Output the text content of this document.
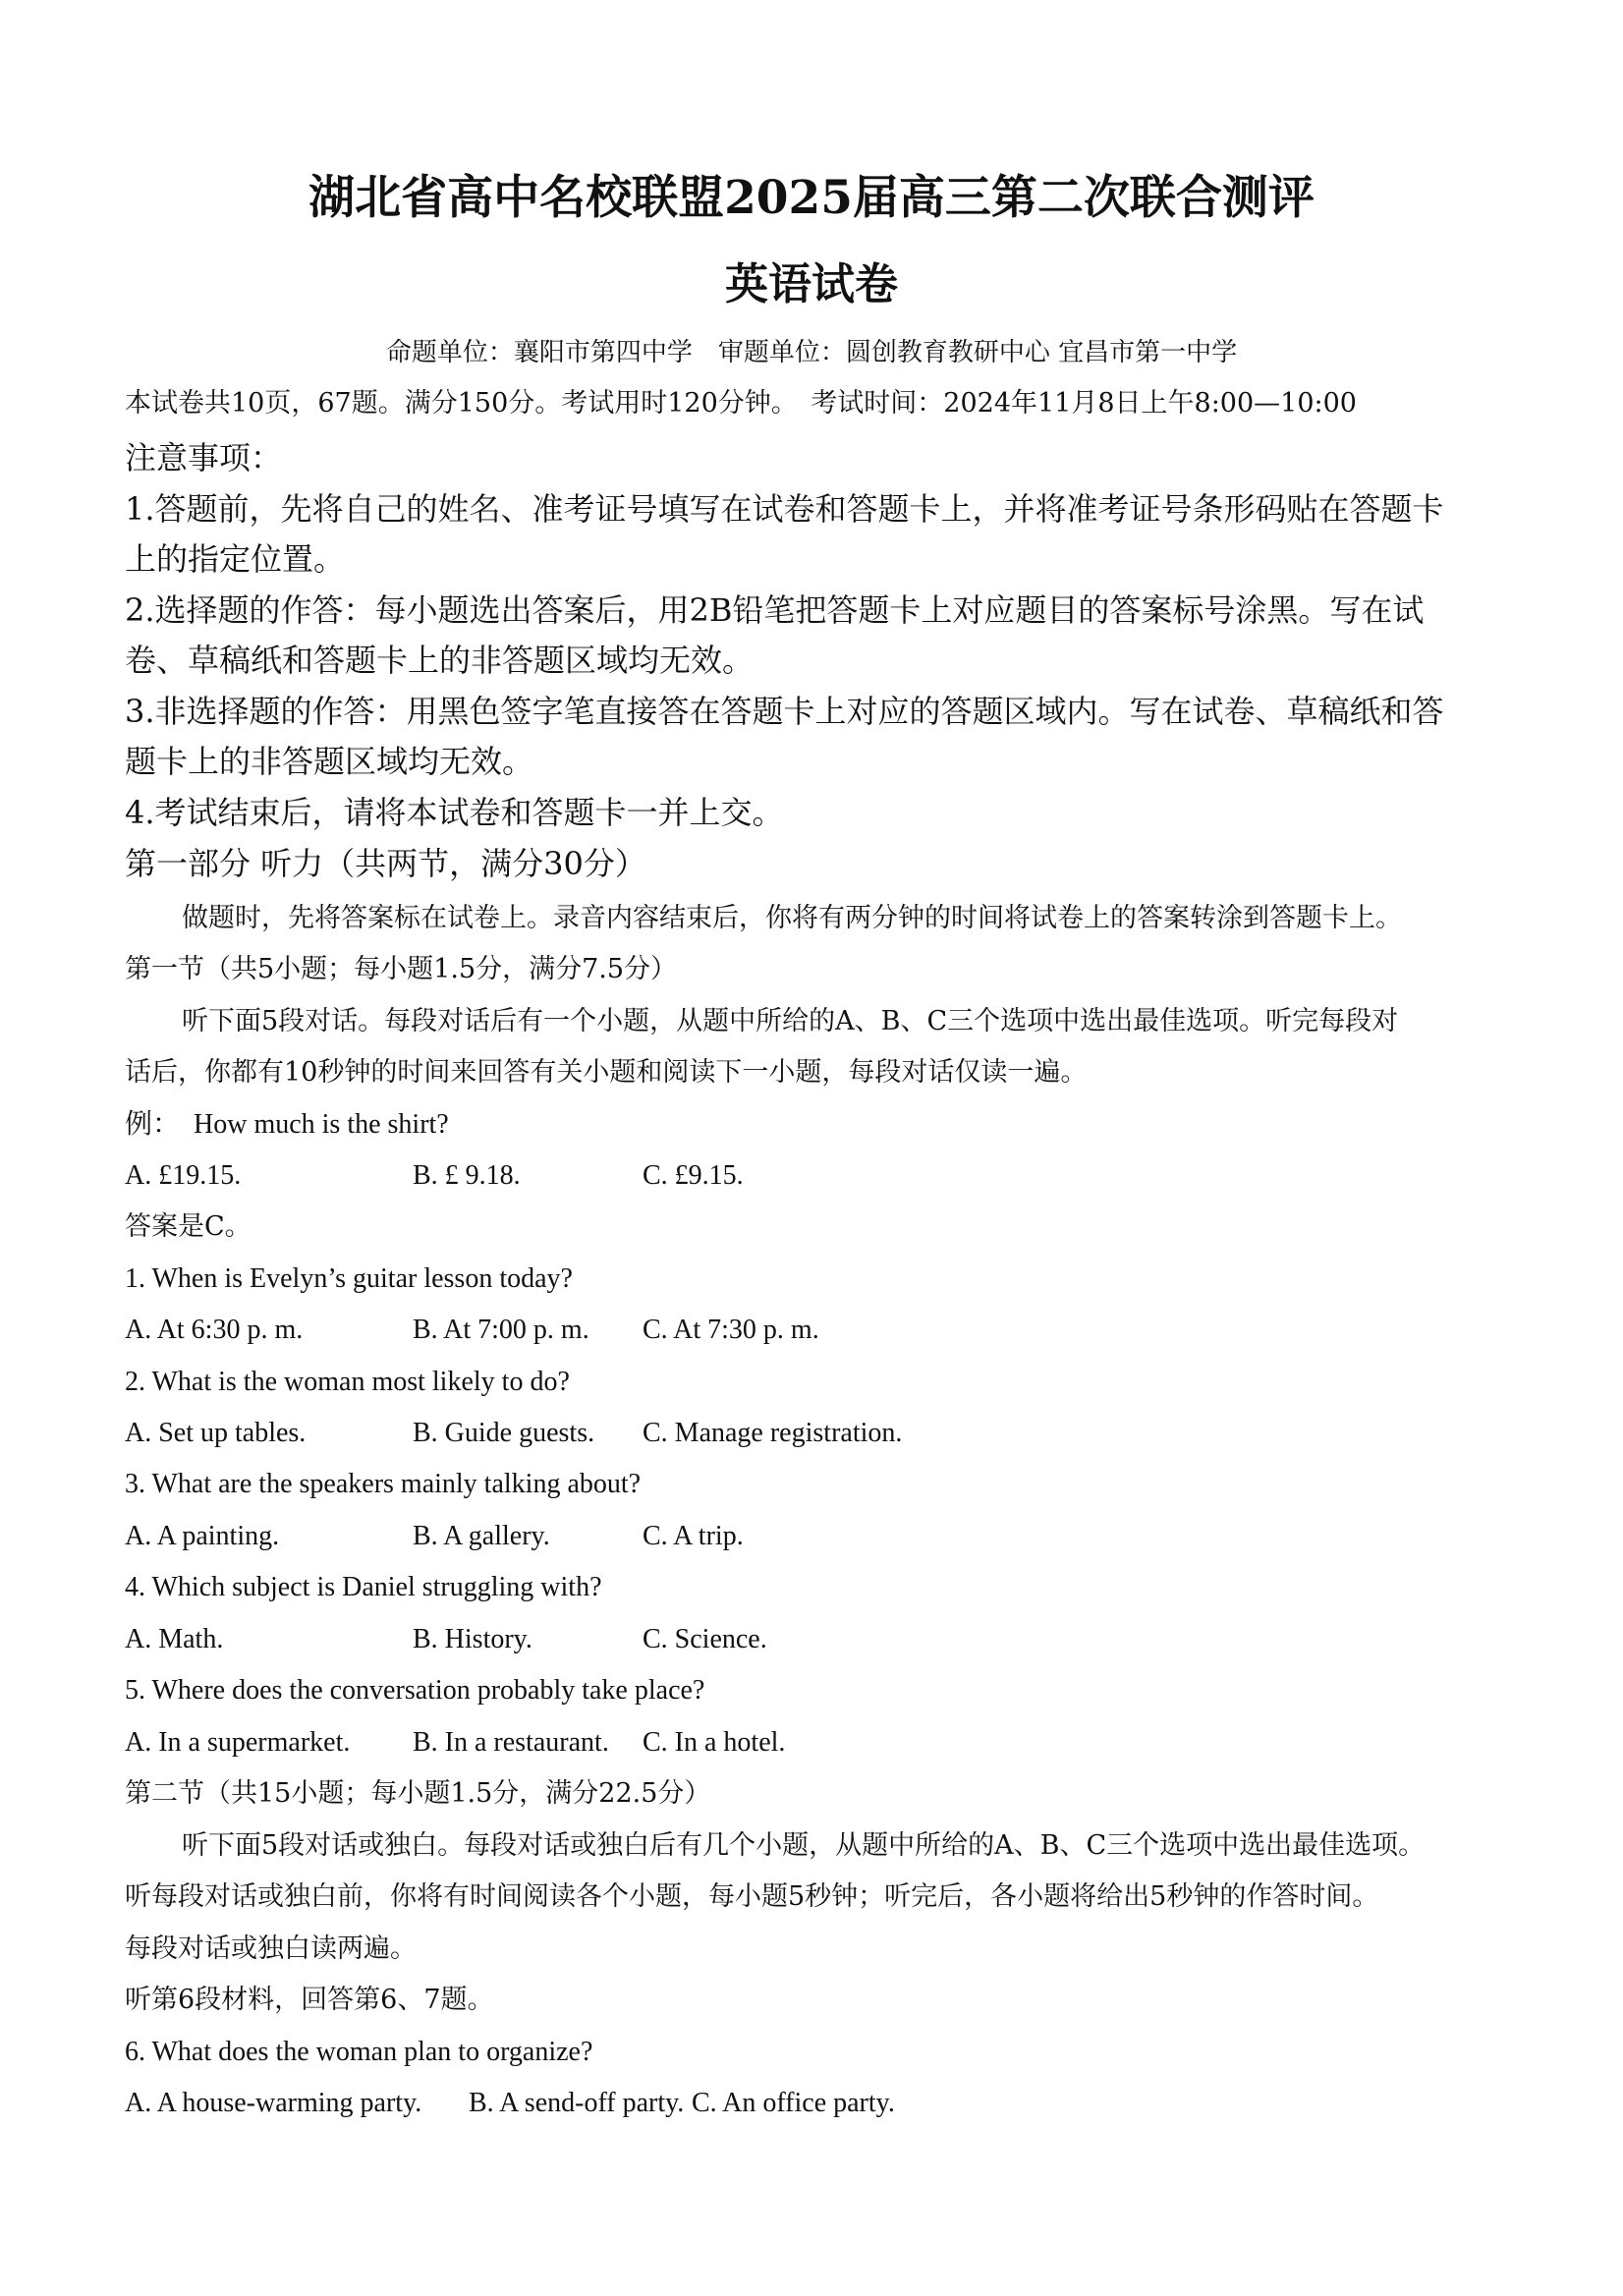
湖北省高中名校联盟2025届高三第二次联合测评
英语试卷
命题单位：襄阳市第四中学　审题单位：圆创教育教研中心 宜昌市第一中学
本试卷共10页，67题。满分150分。考试用时120分钟。　考试时间：2024年11月8日上午8:00—10:00
注意事项：
1.答题前，先将自己的姓名、准考证号填写在试卷和答题卡上，并将准考证号条形码贴在答题卡
上的指定位置。
2.选择题的作答：每小题选出答案后，用2B铅笔把答题卡上对应题目的答案标号涂黑。写在试
卷、草稿纸和答题卡上的非答题区域均无效。
3.非选择题的作答：用黑色签字笔直接答在答题卡上对应的答题区域内。写在试卷、草稿纸和答
题卡上的非答题区域均无效。
4.考试结束后，请将本试卷和答题卡一并上交。
第一部分 听力（共两节，满分30分）
做题时，先将答案标在试卷上。录音内容结束后，你将有两分钟的时间将试卷上的答案转涂到答题卡上。
第一节（共5小题；每小题1.5分，满分7.5分）
听下面5段对话。每段对话后有一个小题，从题中所给的A、B、C三个选项中选出最佳选项。听完每段对
话后，你都有10秒钟的时间来回答有关小题和阅读下一小题，每段对话仅读一遍。
例：　How much is the shirt?
A. £19.15.	B. £ 9.18.	C. £9.15.
答案是C。
1. When is Evelyn’s guitar lesson today?
A. At 6:30 p. m.	B. At 7:00 p. m. C. At 7:30 p. m.
2. What is the woman most likely to do?
A. Set up tables.	B. Guide guests. C. Manage registration.
3. What are the speakers mainly talking about?
A. A painting.	B. A gallery.	C. A trip.
4. Which subject is Daniel struggling with?
A. Math.	B. History.	C. Science.
5. Where does the conversation probably take place?
A. In a supermarket. B. In a restaurant. C. In a hotel.
第二节（共15小题；每小题1.5分，满分22.5分）
听下面5段对话或独白。每段对话或独白后有几个小题，从题中所给的A、B、C三个选项中选出最佳选项。
听每段对话或独白前，你将有时间阅读各个小题，每小题5秒钟；听完后，各小题将给出5秒钟的作答时间。
每段对话或独白读两遍。
听第6段材料，回答第6、7题。
6. What does the woman plan to organize?
A. A house-warming party. B. A send-off party. C. An office party.
